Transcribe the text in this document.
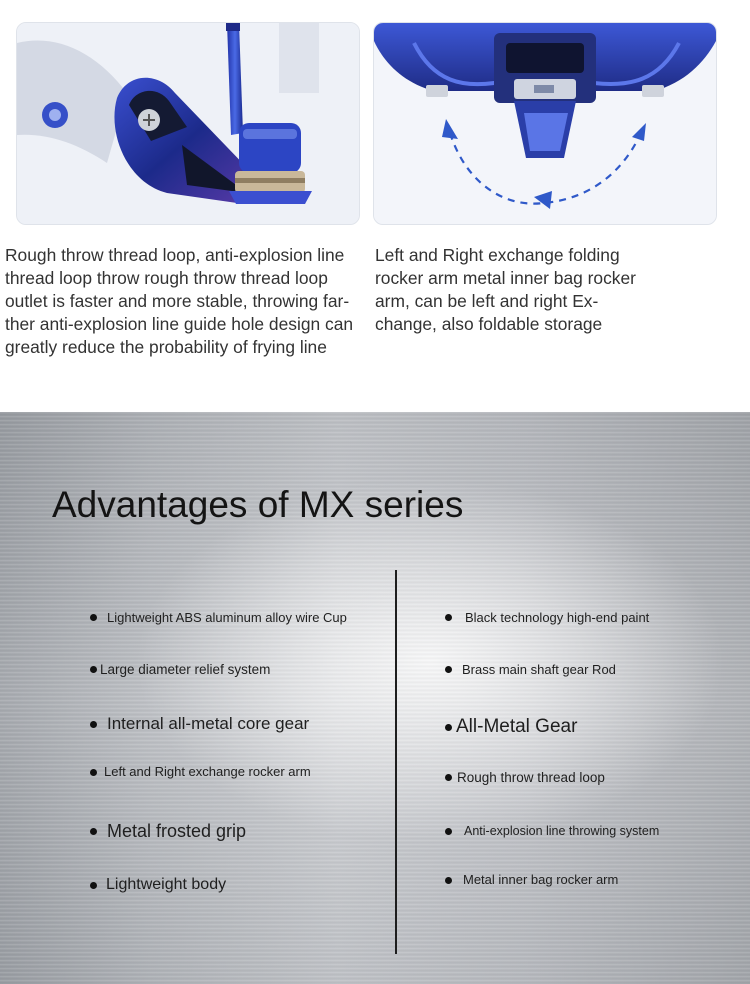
Rough throw thread loop, anti-explosion line
thread loop throw rough throw thread loop
outlet is faster and more stable, throwing far-
ther anti-explosion line guide hole design can
greatly reduce the probability of frying line
Left and Right exchange folding
rocker arm metal inner bag rocker
arm, can be left and right Ex-
change, also foldable storage
Advantages of MX series
Lightweight ABS aluminum alloy wire Cup
Large diameter relief system
Internal all-metal core gear
Left and Right exchange rocker arm
Metal frosted grip
Lightweight body
Black technology high-end paint
Brass main shaft gear Rod
All-Metal Gear
Rough throw thread loop
Anti-explosion line throwing system
Metal inner bag rocker arm
